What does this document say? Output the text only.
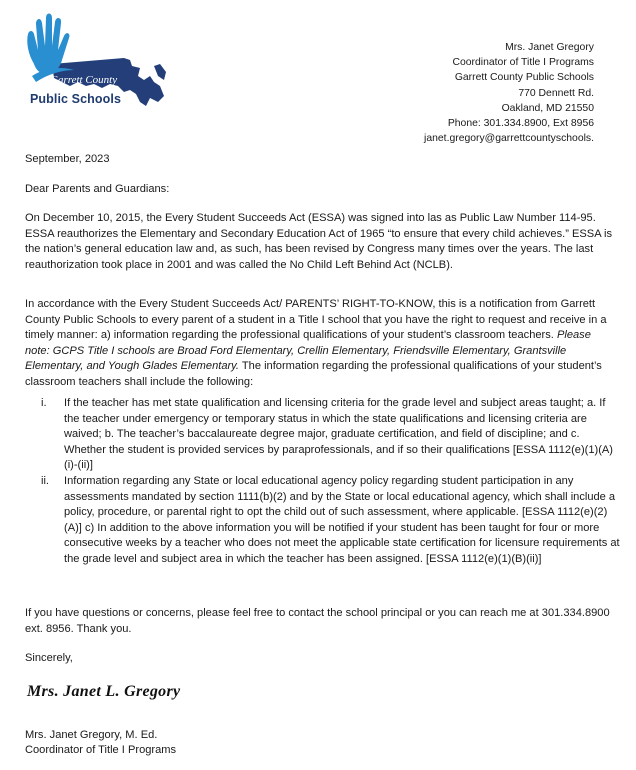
Garrett County
Public Schools
Mrs. Janet Gregory
Coordinator of Title I Programs
Garrett County Public Schools
770 Dennett Rd.
Oakland, MD 21550
Phone: 301.334.8900, Ext 8956
janet.gregory@garrettcountyschools.
September, 2023
Dear Parents and Guardians:
On December 10, 2015, the Every Student Succeeds Act (ESSA) was signed into las as Public Law Number 114-95. ESSA reauthorizes the Elementary and Secondary Education Act of 1965 “to ensure that every child achieves.” ESSA is the nation’s general education law and, as such, has been revised by Congress many times over the years. The last reauthorization took place in 2001 and was called the No Child Left Behind Act (NCLB).
In accordance with the Every Student Succeeds Act/ PARENTS’ RIGHT-TO-KNOW, this is a notification from Garrett County Public Schools to every parent of a student in a Title I school that you have the right to request and receive in a timely manner: a) information regarding the professional qualifications of your student’s classroom teachers. Please note: GCPS Title I schools are Broad Ford Elementary, Crellin Elementary, Friendsville Elementary, Grantsville Elementary, and Yough Glades Elementary. The information regarding the professional qualifications of your student’s classroom teachers shall include the following:
i. If the teacher has met state qualification and licensing criteria for the grade level and subject areas taught; a. If the teacher under emergency or temporary status in which the state qualifications and licensing criteria are waived; b. The teacher’s baccalaureate degree major, graduate certification, and field of discipline; and c. Whether the student is provided services by paraprofessionals, and if so their qualifications [ESSA 1112(e)(1)(A)(i)-(ii)]
ii. Information regarding any State or local educational agency policy regarding student participation in any assessments mandated by section 1111(b)(2) and by the State or local educational agency, which shall include a policy, procedure, or parental right to opt the child out of such assessment, where applicable. [ESSA 1112(e)(2)(A)] c) In addition to the above information you will be notified if your student has been taught for four or more consecutive weeks by a teacher who does not meet the applicable state certification for licensure requirements at the grade level and subject area in which the teacher has been assigned. [ESSA 1112(e)(1)(B)(ii)]
If you have questions or concerns, please feel free to contact the school principal or you can reach me at 301.334.8900 ext. 8956. Thank you.
Sincerely,
Mrs. Janet L. Gregory
Mrs. Janet Gregory, M. Ed.
Coordinator of Title I Programs
